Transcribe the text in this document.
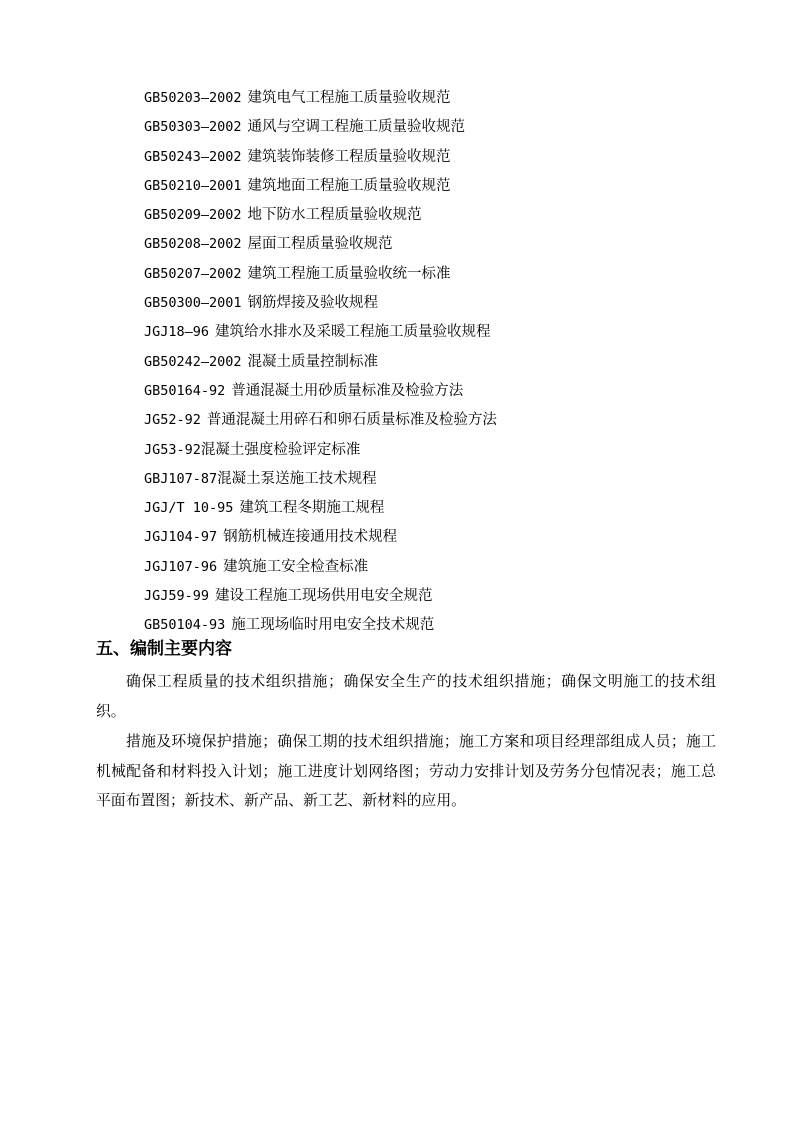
GB50203—2002 建筑电气工程施工质量验收规范
GB50303—2002 通风与空调工程施工质量验收规范
GB50243—2002 建筑装饰装修工程质量验收规范
GB50210—2001 建筑地面工程施工质量验收规范
GB50209—2002 地下防水工程质量验收规范
GB50208—2002 屋面工程质量验收规范
GB50207—2002 建筑工程施工质量验收统一标准
GB50300—2001 钢筋焊接及验收规程
JGJ18—96 建筑给水排水及采暖工程施工质量验收规程
GB50242—2002 混凝土质量控制标准
GB50164-92 普通混凝土用砂质量标准及检验方法
JG52-92 普通混凝土用碎石和卵石质量标准及检验方法
JG53-92混凝土强度检验评定标准
GBJ107-87混凝土泵送施工技术规程
JGJ/T 10-95 建筑工程冬期施工规程
JGJ104-97 钢筋机械连接通用技术规程
JGJ107-96 建筑施工安全检查标准
JGJ59-99 建设工程施工现场供用电安全规范
GB50104-93 施工现场临时用电安全技术规范
五、编制主要内容

确保工程质量的技术组织措施；确保安全生产的技术组织措施；确保文明施工的技术组织。

措施及环境保护措施；确保工期的技术组织措施；施工方案和项目经理部组成人员；施工机械配备和材料投入计划；施工进度计划网络图；劳动力安排计划及劳务分包情况表；施工总平面布置图；新技术、新产品、新工艺、新材料的应用。
